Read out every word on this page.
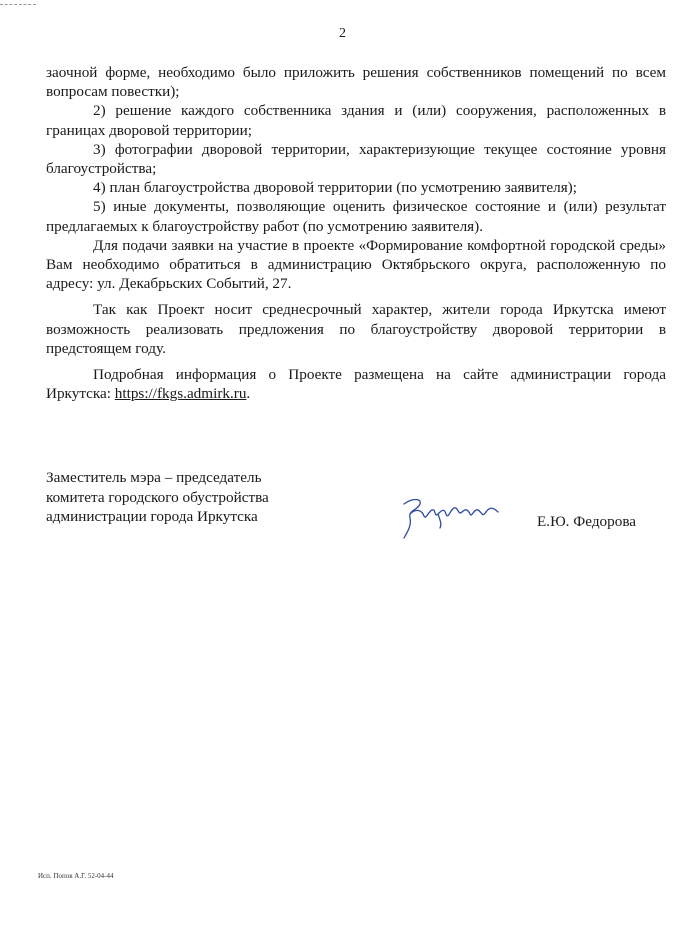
2

заочной форме, необходимо было приложить решения собственников помещений по всем вопросам повестки);

2) решение каждого собственника здания и (или) сооружения, расположенных в границах дворовой территории;

3) фотографии дворовой территории, характеризующие текущее состояние уровня благоустройства;

4) план благоустройства дворовой территории (по усмотрению заявителя);

5) иные документы, позволяющие оценить физическое состояние и (или) результат предлагаемых к благоустройству работ (по усмотрению заявителя).

Для подачи заявки на участие в проекте «Формирование комфортной городской среды» Вам необходимо обратиться в администрацию Октябрьского округа, расположенную по адресу: ул. Декабрьских Событий, 27.

Так как Проект носит среднесрочный характер, жители города Иркутска имеют возможность реализовать предложения по благоустройству дворовой территории в предстоящем году.

Подробная информация о Проекте размещена на сайте администрации города Иркутска: https://fkgs.admirk.ru.

Заместитель мэра – председатель
комитета городского обустройства
администрации города Иркутска	Е.Ю. Федорова
Исп. Попов А.Г. 52-04-44
